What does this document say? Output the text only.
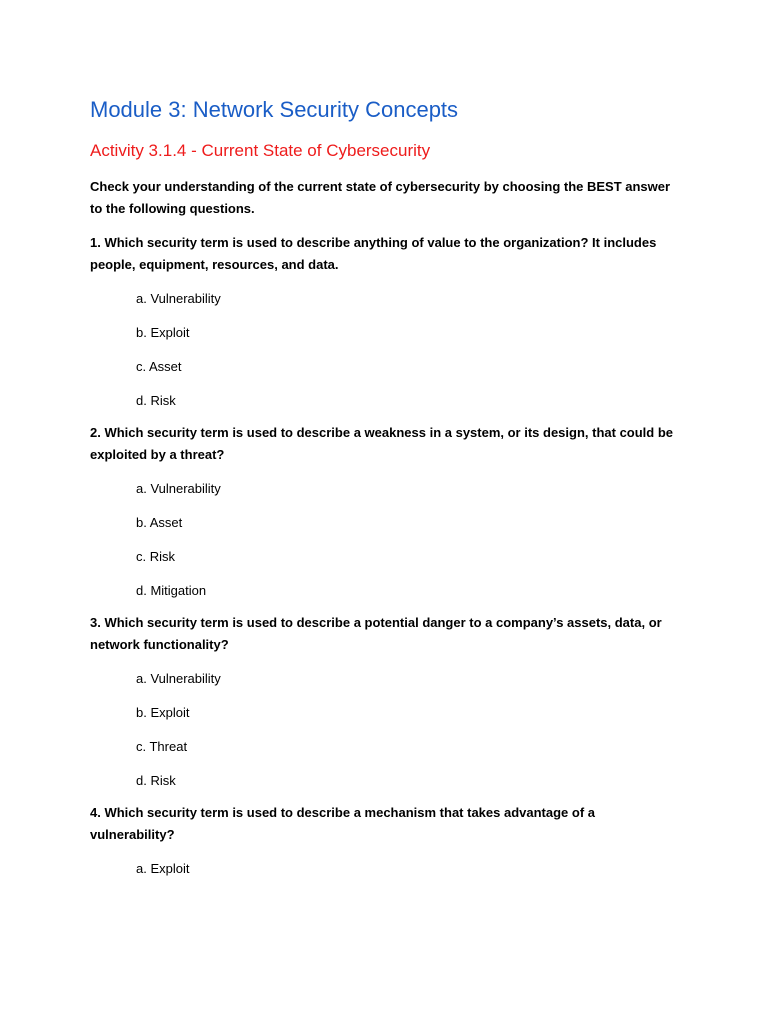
Module 3: Network Security Concepts
Activity 3.1.4 - Current State of Cybersecurity

Check your understanding of the current state of cybersecurity by choosing the BEST answer to the following questions.

1. Which security term is used to describe anything of value to the organization? It includes people, equipment, resources, and data.

a. Vulnerability
b. Exploit
c. Asset
d. Risk

2. Which security term is used to describe a weakness in a system, or its design, that could be exploited by a threat?

a. Vulnerability
b. Asset
c. Risk
d. Mitigation

3. Which security term is used to describe a potential danger to a company’s assets, data, or network functionality?

a. Vulnerability
b. Exploit
c. Threat
d. Risk

4. Which security term is used to describe a mechanism that takes advantage of a vulnerability?

a. Exploit
